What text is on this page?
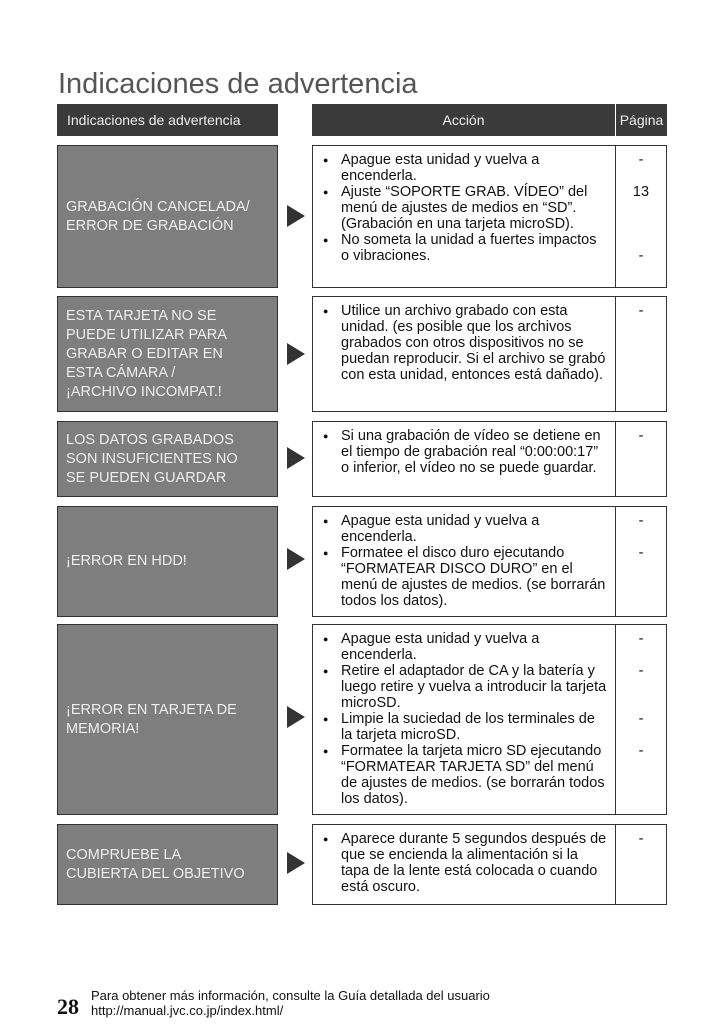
Indicaciones de advertencia
Indicaciones de advertencia	Acción	Página
GRABACIÓN CANCELADA/
ERROR DE GRABACIÓN
● Apague esta unidad y vuelva a encenderla.
● Ajuste “SOPORTE GRAB. VÍDEO” del menú de ajustes de medios en “SD”. (Grabación en una tarjeta microSD).
● No someta la unidad a fuertes impactos o vibraciones.
-
13
-
ESTA TARJETA NO SE
PUEDE UTILIZAR PARA
GRABAR O EDITAR EN
ESTA CÁMARA /
¡ARCHIVO INCOMPAT.!
● Utilice un archivo grabado con esta unidad. (es posible que los archivos grabados con otros dispositivos no se puedan reproducir. Si el archivo se grabó con esta unidad, entonces está dañado).
-
LOS DATOS GRABADOS
SON INSUFICIENTES NO
SE PUEDEN GUARDAR
● Si una grabación de vídeo se detiene en el tiempo de grabación real “0:00:00:17” o inferior, el vídeo no se puede guardar.
-
¡ERROR EN HDD!
● Apague esta unidad y vuelva a encenderla.
● Formatee el disco duro ejecutando “FORMATEAR DISCO DURO” en el menú de ajustes de medios. (se borrarán todos los datos).
-
-
¡ERROR EN TARJETA DE
MEMORIA!
● Apague esta unidad y vuelva a encenderla.
● Retire el adaptador de CA y la batería y luego retire y vuelva a introducir la tarjeta microSD.
● Limpie la suciedad de los terminales de la tarjeta microSD.
● Formatee la tarjeta micro SD ejecutando “FORMATEAR TARJETA SD” del menú de ajustes de medios. (se borrarán todos los datos).
-
-
-
-
COMPRUEBE LA
CUBIERTA DEL OBJETIVO
● Aparece durante 5 segundos después de que se encienda la alimentación si la tapa de la lente está colocada o cuando está oscuro.
-
28 Para obtener más información, consulte la Guía detallada del usuario
http://manual.jvc.co.jp/index.html/
